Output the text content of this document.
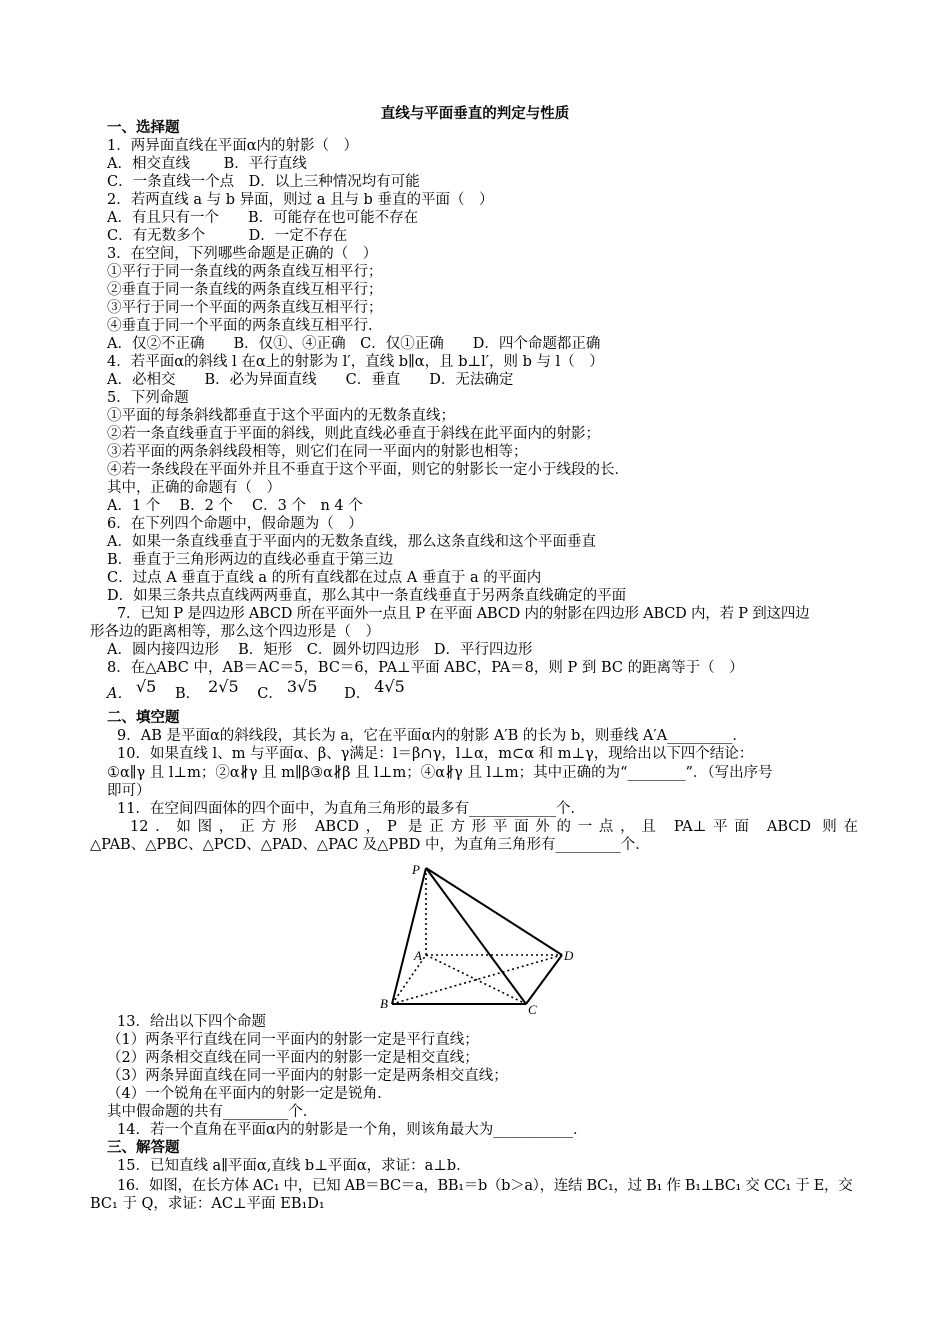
直线与平面垂直的判定与性质
一、选择题
1．两异面直线在平面α内的射影（　）
A．相交直线　　 B．平行直线
C．一条直线一个点　D．以上三种情况均有可能
2．若两直线 a 与 b 异面，则过 a 且与 b 垂直的平面（　）
A．有且只有一个　　B．可能存在也可能不存在
C．有无数多个　　　D．一定不存在
3．在空间，下列哪些命题是正确的（　）
①平行于同一条直线的两条直线互相平行；
②垂直于同一条直线的两条直线互相平行；
③平行于同一个平面的两条直线互相平行；
④垂直于同一个平面的两条直线互相平行．
A．仅②不正确　　B．仅①、④正确　C．仅①正确　　D．四个命题都正确
4．若平面α的斜线 l 在α上的射影为 l′，直线 b∥α，且 b⊥l′，则 b 与 l（　）
A．必相交　　B．必为异面直线　　C．垂直　　D．无法确定
5．下列命题
①平面的每条斜线都垂直于这个平面内的无数条直线；
②若一条直线垂直于平面的斜线，则此直线必垂直于斜线在此平面内的射影；
③若平面的两条斜线段相等，则它们在同一平面内的射影也相等；
④若一条线段在平面外并且不垂直于这个平面，则它的射影长一定小于线段的长．
其中，正确的命题有（　）
A．1 个　 B．2 个　 C．3 个　n 4 个
6．在下列四个命题中，假命题为（　）
A．如果一条直线垂直于平面内的无数条直线，那么这条直线和这个平面垂直
B．垂直于三角形两边的直线必垂直于第三边
C．过点 A 垂直于直线 a 的所有直线都在过点 A 垂直于 a 的平面内
D．如果三条共点直线两两垂直，那么其中一条直线垂直于另两条直线确定的平面
7．已知 P 是四边形 ABCD 所在平面外一点且 P 在平面 ABCD 内的射影在四边形 ABCD 内，若 P 到这四边
形各边的距离相等，那么这个四边形是（　）
A．圆内接四边形　 B．矩形　C．圆外切四边形　D．平行四边形
8．在△ABC 中，AB＝AC＝5，BC＝6，PA⊥平面 ABC，PA＝8，则 P 到 BC 的距离等于（　）
A． √5 B． 2√5 C． 3√5 D． 4√5
二、填空题
9．AB 是平面α的斜线段，其长为 a，它在平面α内的射影 A′B 的长为 b，则垂线 A′A_________．
10．如果直线 l、m 与平面α、β、γ满足：l＝β∩γ，l⊥α，m⊂α 和 m⊥γ，现给出以下四个结论：
①α∥γ 且 l⊥m；②α∦γ 且 m∥β③α∦β 且 l⊥m；④α∦γ 且 l⊥m；其中正确的为“________”．（写出序号
即可）
11．在空间四面体的四个面中，为直角三角形的最多有____________个．
12．如图，正方形 ABCD，P 是正方形平面外的一点，且 PA⊥平面 ABCD 则在
△PAB、△PBC、△PCD、△PAD、△PAC 及△PBD 中，为直角三角形有_________个．
P
A
B	C
D
13．给出以下四个命题
（1）两条平行直线在同一平面内的射影一定是平行直线；
（2）两条相交直线在同一平面内的射影一定是相交直线；
（3）两条异面直线在同一平面内的射影一定是两条相交直线；
（4）一个锐角在平面内的射影一定是锐角．
其中假命题的共有_________个．
14．若一个直角在平面α内的射影是一个角，则该角最大为___________．
三、解答题
15．已知直线 a∥平面α,直线 b⊥平面α，求证：a⊥b．
16．如图，在长方体 AC₁ 中，已知 AB＝BC＝a，BB₁＝b（b＞a），连结 BC₁，过 B₁ 作 B₁⊥BC₁ 交 CC₁ 于 E，交
BC₁ 于 Q，求证：AC⊥平面 EB₁D₁
